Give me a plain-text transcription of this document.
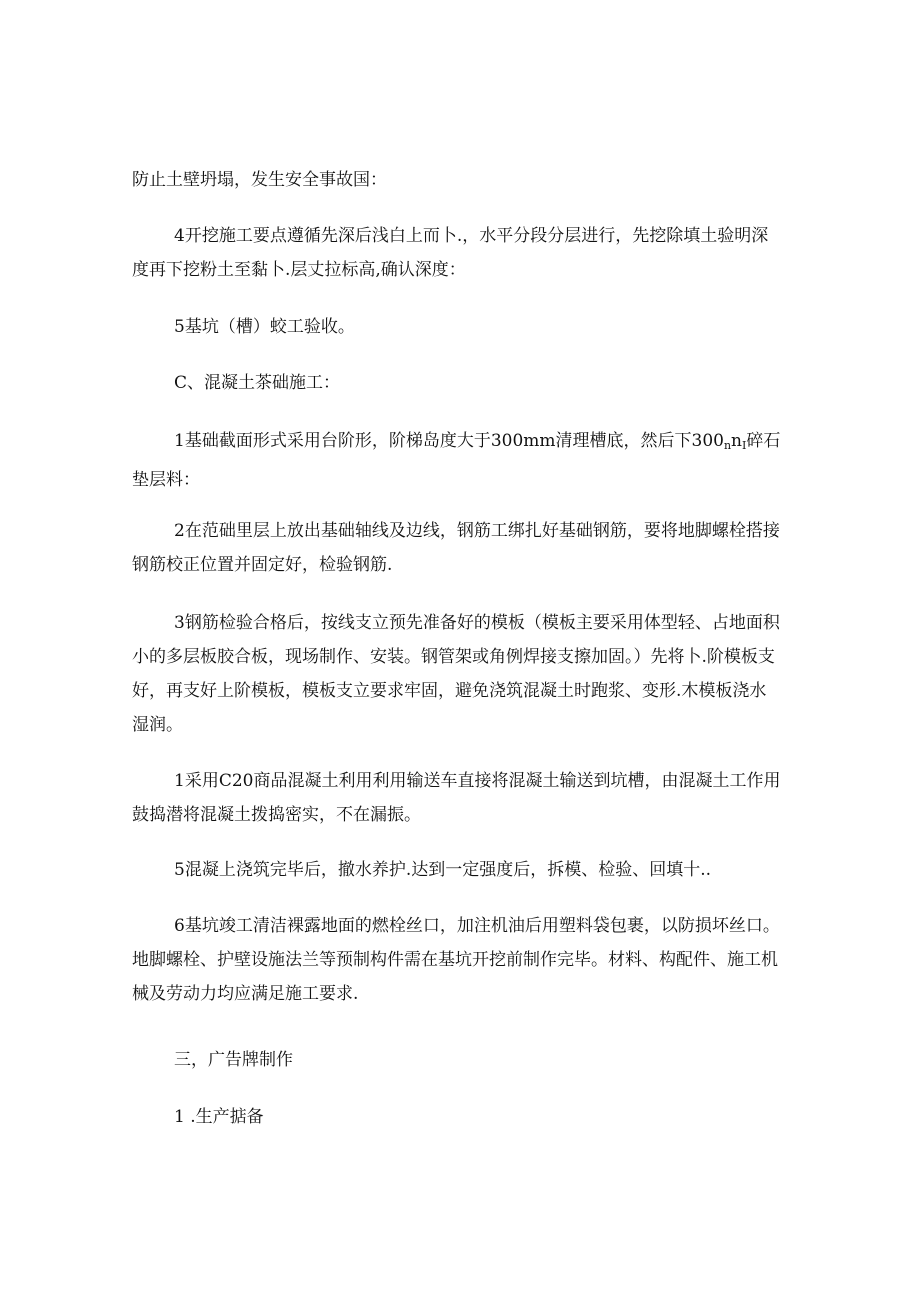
防止土壁坍塌，发生安全事故国：

4开挖施工要点遵循先深后浅白上而卜.，水平分段分层进行，先挖除填土验明深度再下挖粉土至黏卜.层丈拉标高,确认深度：

5基坑（槽）蛟工验收。

C、混凝土茶础施工：

1基础截面形式采用台阶形，阶梯岛度大于300mm清理槽底，然后下$300_nn_I$碎石垫层料：

2在范础里层上放出基础轴线及边线，钢筋工绑扎好基础钢筋，要将地脚螺栓搭接钢筋校正位置并固定好，检验钢筋.

3钢筋检验合格后，按线支立预先准备好的模板（模板主要采用体型轻、占地面积小的多层板胶合板，现场制作、安装。钢管架或角例焊接支擦加固。）先将卜.阶模板支好，再支好上阶模板，模板支立要求牢固，避免浇筑混凝土时跑浆、变形.木模板浇水湿润。

1采用C20商品混凝土利用利用输送车直接将混凝土输送到坑槽，由混凝土工作用鼓捣潜将混凝土拨捣密实，不在漏振。

5混凝上浇筑完毕后，撤水养护.达到一定强度后，拆模、检验、回填十..

6基坑竣工清洁裸露地面的燃栓丝口，加注机油后用塑料袋包裹，以防损坏丝口。地脚螺栓、护壁设施法兰等预制构件需在基坑开挖前制作完毕。材料、构配件、施工机械及劳动力均应满足施工要求.

三，广告牌制作

1 .生产掂备
